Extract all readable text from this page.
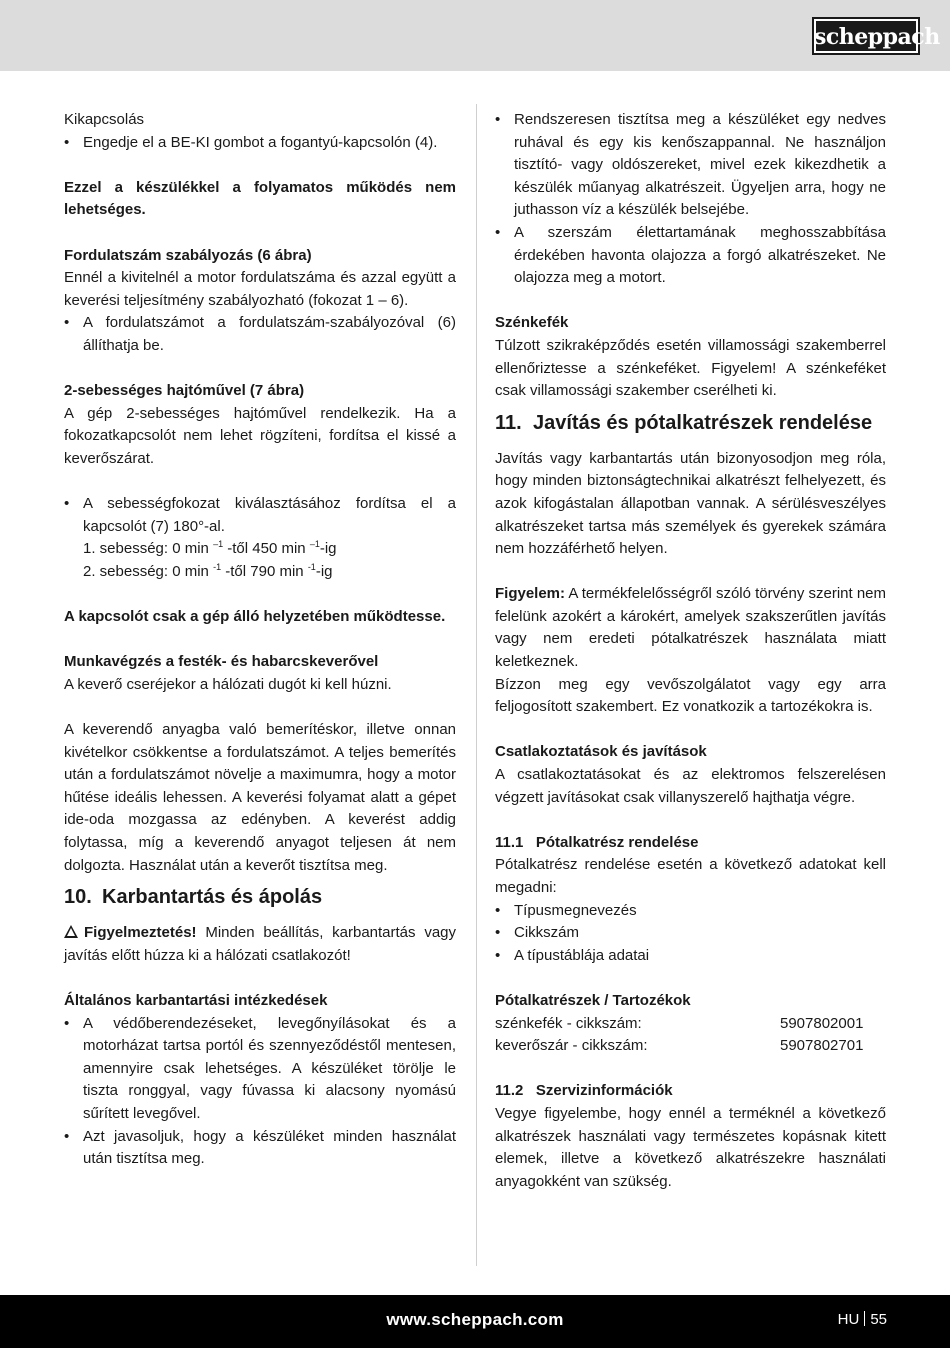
scheppach

Kikapcsolás

• Engedje el a BE-KI gombot a fogantyú-kapcsolón (4).

Ezzel a készülékkel a folyamatos működés nem lehetséges.

Fordulatszám szabályozás (6 ábra)

Ennél a kivitelnél a motor fordulatszáma és azzal együtt a keverési teljesítmény szabályozható (fokozat 1 – 6).

• A fordulatszámot a fordulatszám-szabályozóval (6) állíthatja be.

2-sebességes hajtóművel (7 ábra)

A gép 2-sebességes hajtóművel rendelkezik. Ha a fokozatkapcsolót nem lehet rögzíteni, fordítsa el kissé a keverőszárat.

• A sebességfokozat kiválasztásához fordítsa el a kapcsolót (7) 180°-al.
1. sebesség: 0 min $^{-1}$ -től 450 min $^{-1}$-ig
2. sebesség: 0 min $^{-1}$ -től 790 min $^{-1}$-ig

A kapcsolót csak a gép álló helyzetében működtesse.

Munkavégzés a festék- és habarcskeverővel

A keverő cseréjekor a hálózati dugót ki kell húzni.

A keverendő anyagba való bemerítéskor, illetve onnan kivételkor csökkentse a fordulatszámot. A teljes bemerítés után a fordulatszámot növelje a maximumra, hogy a motor hűtése ideális lehessen. A keverési folyamat alatt a gépet ide-oda mozgassa az edényben. A keverést addig folytassa, míg a keverendő anyagot teljesen át nem dolgozta. Használat után a keverőt tisztítsa meg.

10. Karbantartás és ápolás

Figyelmeztetés! Minden beállítás, karbantartás vagy javítás előtt húzza ki a hálózati csatlakozót!

Általános karbantartási intézkedések

• A védőberendezéseket, levegőnyílásokat és a motorházat tartsa portól és szennyeződéstől mentesen, amennyire csak lehetséges. A készüléket törölje le tiszta ronggyal, vagy fúvassa ki alacsony nyomású sűrített levegővel.
• Azt javasoljuk, hogy a készüléket minden használat után tisztítsa meg.
• Rendszeresen tisztítsa meg a készüléket egy nedves ruhával és egy kis kenőszappannal. Ne használjon tisztító- vagy oldószereket, mivel ezek kikezdhetik a készülék műanyag alkatrészeit. Ügyeljen arra, hogy ne juthasson víz a készülék belsejébe.
• A szerszám élettartamának meghosszabbítása érdekében havonta olajozza a forgó alkatrészeket. Ne olajozza meg a motort.

Szénkefék

Túlzott szikraképződés esetén villamossági szakemberrel ellenőriztesse a szénkeféket. Figyelem! A szénkeféket csak villamossági szakember cserélheti ki.

11. Javítás és pótalkatrészek rendelése

Javítás vagy karbantartás után bizonyosodjon meg róla, hogy minden biztonságtechnikai alkatrészt felhelyezett, és azok kifogástalan állapotban vannak. A sérülésveszélyes alkatrészeket tartsa más személyek és gyerekek számára nem hozzáférhető helyen.

Figyelem: A termékfelelősségről szóló törvény szerint nem felelünk azokért a károkért, amelyek szakszerűtlen javítás vagy nem eredeti pótalkatrészek használata miatt keletkeznek.

Bízzon meg egy vevőszolgálatot vagy egy arra feljogosított szakembert. Ez vonatkozik a tartozékokra is.

Csatlakoztatások és javítások

A csatlakoztatásokat és az elektromos felszerelésen végzett javításokat csak villanyszerelő hajthatja végre.

11.1 Pótalkatrész rendelése

Pótalkatrész rendelése esetén a következő adatokat kell megadni:

• Típusmegnevezés
• Cikkszám
• A típustáblája adatai

Pótalkatrészek / Tartozékok

szénkefék - cikkszám:	5907802001
keverőszár - cikkszám:	5907802701

11.2 Szervizinformációk

Vegye figyelembe, hogy ennél a terméknél a következő alkatrészek használati vagy természetes kopásnak kitett elemek, illetve a következő alkatrészekre használati anyagokként van szükség.

www.scheppach.com	HU 55
